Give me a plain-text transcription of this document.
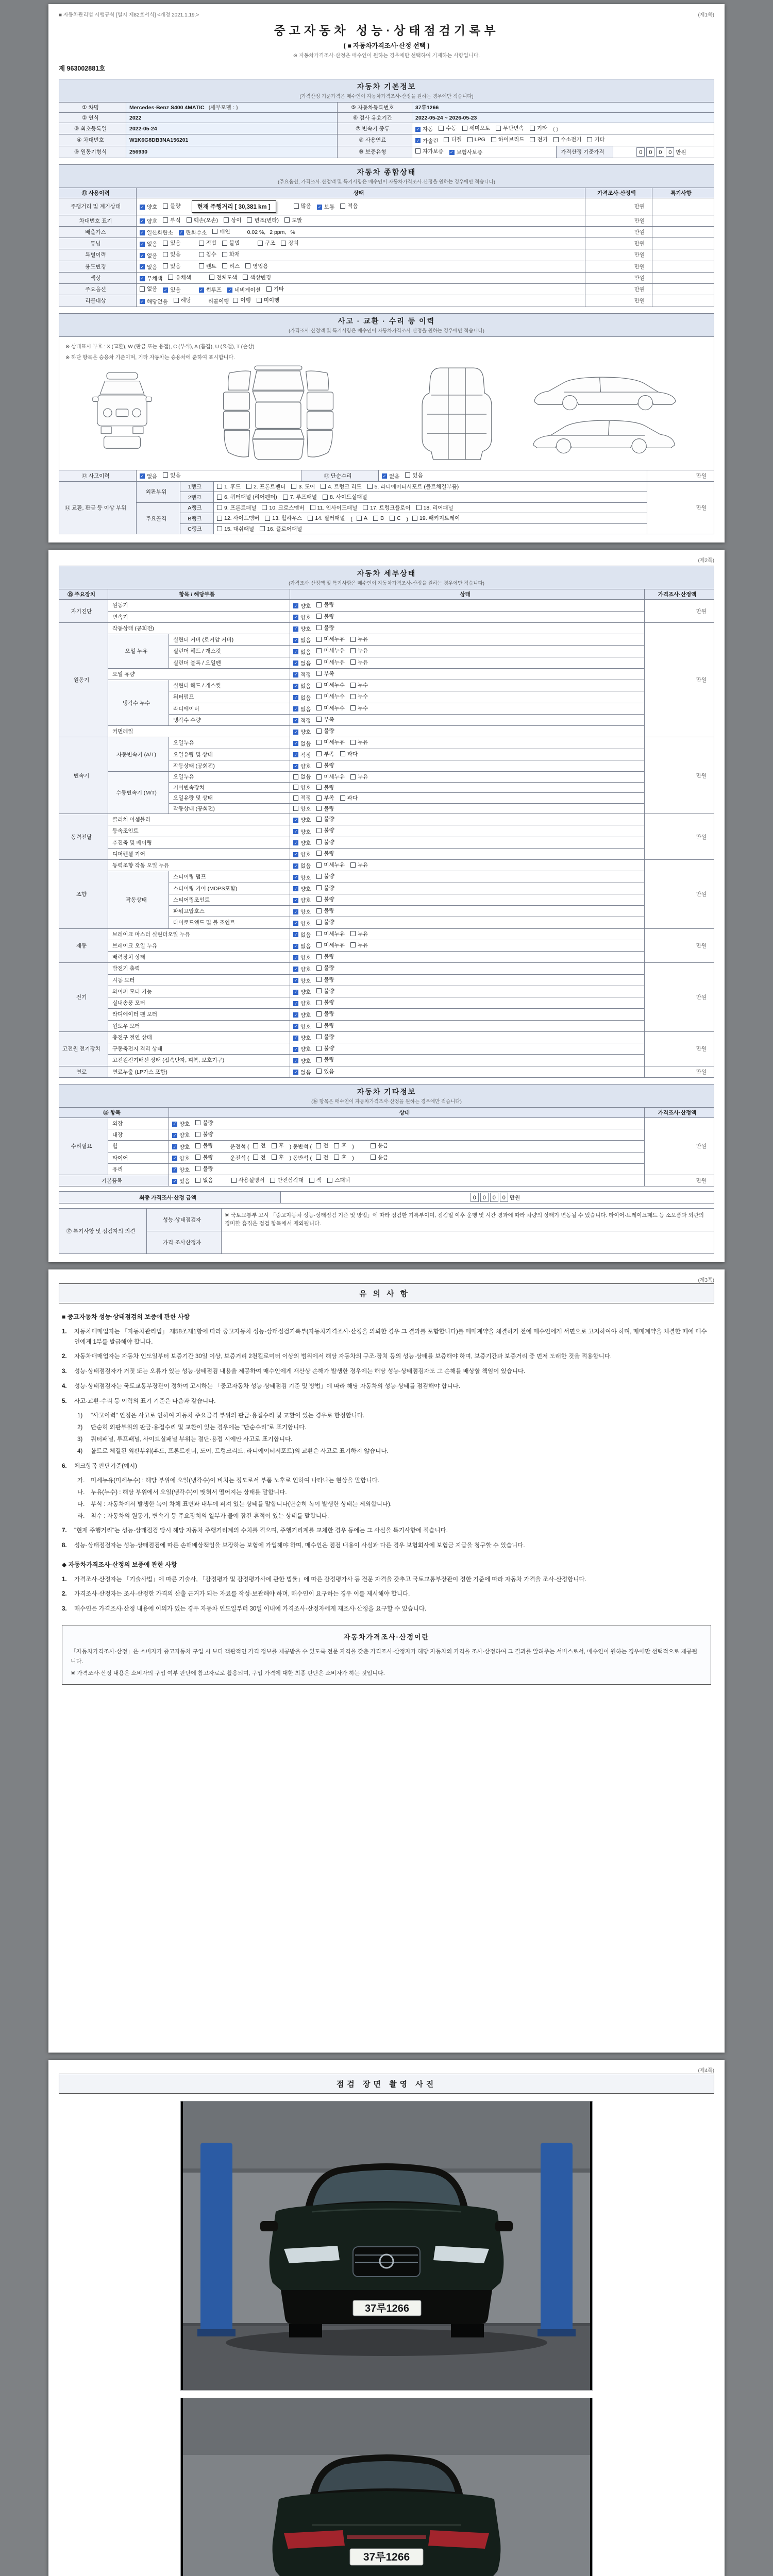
■ 자동차관리법 시행규칙 [별지 제82호서식] <개정 2021.1.19.>	(제1쪽)
중고자동차 성능·상태점검기록부
( ■ 자동차가격조사·산정 선택 )
※ 자동차가격조사·산정은 매수인이 원하는 경우에만 선택하여 기재하는 사항입니다.
제 963002881호
자동차 기본정보
(가격산정 기준가격은 매수인이 자동차가격조사·산정을 원하는 경우에만 적습니다)
① 차명	Mercedes-Benz S400 4MATIC (세부모델 : )	⑤ 자동차등록번호	37루1266		
② 연식	2022	⑥ 검사 유효기간	2022-05-24 ~ 2026-05-23		
③ 최초등록일	2022-05-24	⑦ 변속기 종류	✓ 자동 수동 세미오토 무단변속 기타 ( )
④ 차대번호	W1K6G8DB3NA156201	⑧ 사용연료	✓ 가솔린 디젤 LPG 하이브리드 전기 수소전기 기타

⑨ 원동기형식	256930	⑩ 보증유형	자가보증 ✓ 보험사보증	가격산정 기준가격	0 0 0 0 만원
자동차 종합상태
(주요옵션, 가격조사·산정액 및 특기사항은 매수인이 자동차가격조사·산정을 원하는 경우에만 적습니다)
⑪ 사용이력	상태	가격조사·산정액	특기사항
주행거리 및 계기상태	✓ 양호 불량	현재 주행거리 [ 30,381 km ]	많음 ✓ 보통 적음	만원	
차대번호 표기	✓ 양호 부식 훼손(오손) 상이 변조(변타) 도말	만원	
배출가스	✓ 일산화탄소 ✓ 탄화수소 매연	0.02 %, 2 ppm, %	만원	
튜닝	✓ 없음 있음	적법 불법	구조 장치	만원	
특별이력	✓ 없음 있음 침수 화재	만원	
용도변경	✓ 없음 있음	렌트 리스 영업용	만원	
색상	✓ 무채색 유채색 전체도색 색상변경	만원	
주요옵션	없음 ✓ 있음	✓ 썬루프 ✓ 네비게이션 기타	만원	
리콜대상	✓ 해당없음 해당	리콜이행 이행 미이행	만원	
사고 · 교환 · 수리 등 이력
(가격조사·산정액 및 특기사항은 매수인이 자동차가격조사·산정을 원하는 경우에만 적습니다)
※ 상태표시 부호 : X (교환), W (판금 또는 용접), C (부식), A (흠집), U (요철), T (손상)
※ 하단 항목은 승용차 기준이며, 기타 자동차는 승용차에 준하여 표시합니다.
⑫ 사고이력	✓ 없음 있음	⑬ 단순수리	✓ 없음 있음	만원
⑭ 교환, 판금 등 이상 부위	외판부위	1랭크	1. 후드 2. 프론트펜더 3. 도어 4. 트렁크 리드 5. 라디에이터서포트 (볼트체결부품)	만원
		2랭크	6. 쿼터패널 (리어펜더) 7. 루프패널 8. 사이드실패널	

	주요골격	A랭크	9. 프론트패널 10. 크로스멤버 11. 인사이드패널 17. 트렁크플로어 18. 리어패널	

B랭크	12. 사이드멤버 13. 휠하우스 14. 필러패널 ( A B C ) 19. 패키지트레이

		C랭크	15. 대쉬패널 16. 플로어패널	
(제2쪽)
자동차 세부상태
(가격조사·산정액 및 특기사항은 매수인이 자동차가격조사·산정을 원하는 경우에만 적습니다)
⑮ 주요장치	항목 / 해당부품		상태	가격조사·산정액
자기진단	원동기		✓ 양호 불량	만원
	변속기		✓ 양호 불량	

원동기	작동상태 (공회전)		✓ 양호 불량	만원
	오일 누유	실린더 커버 (로커암 커버)	✓ 없음 미세누유 누유	

		실린더 헤드 / 개스킷	✓ 없음 미세누유 누유	

		실린더 블록 / 오일팬	✓ 없음 미세누유 누유	

	오일 유량		✓ 적정 부족	

	냉각수 누수	실린더 헤드 / 개스킷	✓ 없음 미세누수 누수	

		워터펌프	✓ 없음 미세누수 누수	

		라디에이터	✓ 없음 미세누수 누수	

		냉각수 수량	✓ 적정 부족	

	커먼레일		✓ 양호 불량	

변속기	자동변속기 (A/T)	오일누유	✓ 없음 미세누유 누유	만원
		오일유량 및 상태	✓ 적정 부족 과다	

		작동상태 (공회전)	✓ 양호 불량	

	수동변속기 (M/T)	오일누유	없음 미세누유 누유	

		기어변속장치	양호 불량	

		오일유량 및 상태	적정 부족 과다	

		작동상태 (공회전)	양호 불량	

동력전달	클러치 어셈블리		✓ 양호 불량	만원
	등속조인트		✓ 양호 불량	

	추진축 및 베어링		✓ 양호 불량	

	디퍼렌셜 기어		✓ 양호 불량	

조향	동력조향 작동 오일 누유		✓ 없음 미세누유 누유	만원
	작동상태	스티어링 펌프	✓ 양호 불량	

		스티어링 기어 (MDPS포함)	✓ 양호 불량	

		스티어링조인트	✓ 양호 불량	

		파워고압호스	✓ 양호 불량	

		타이로드엔드 및 볼 조인트	✓ 양호 불량	

제동	브레이크 마스터 실린더오일 누유		✓ 없음 미세누유 누유	만원
	브레이크 오일 누유		✓ 없음 미세누유 누유	

	배력장치 상태		✓ 양호 불량	

전기	발전기 출력		✓ 양호 불량	만원
	시동 모터		✓ 양호 불량	

	와이퍼 모터 기능		✓ 양호 불량	

	실내송풍 모터		✓ 양호 불량	

	라디에이터 팬 모터		✓ 양호 불량	

	윈도우 모터		✓ 양호 불량	

고전원 전기장치	충전구 절연 상태		✓ 양호 불량	만원
	구동축전지 격리 상태		✓ 양호 불량	

	고전원전기배선 상태 (접속단자, 피복, 보호기구)		✓ 양호 불량	

연료	연료누출 (LP가스 포함)		✓ 없음 있음	만원
자동차 기타정보
(⑯ 항목은 매수인이 자동차가격조사·산정을 원하는 경우에만 적습니다)
⑯ 항목		상태	가격조사·산정액
수리필요	외장	✓ 양호 불량	만원
	내장	✓ 양호 불량	

휠	✓ 양호 불량	운전석 ( 전 후 ) 동반석 ( 전 후 )	응급

타이어	✓ 양호 불량	운전석 ( 전 후 ) 동반석 ( 전 후 )	응급

	유리	✓ 양호 불량	

기본품목	✓ 있음 없음	사용설명서 안전삼각대 잭 스패너	만원
최종 가격조사·산정 금액	0 0 0 0 만원
⑰ 특기사항 및 점검자의 의견	성능·상태점검자	※ 국토교통부 고시 「중고자동차 성능·상태점검 기준 및 방법」에 따라 점검한 기록부이며, 점검일 이후 운행 및 시간 경과에 따라 차량의 상태가 변동될 수 있습니다. 타이어·브레이크패드 등 소모품과 외관의 경미한 흠집은 점검 항목에서 제외됩니다.
	가격·조사산정자	
(제3쪽)
유의사항
■ 중고자동차 성능·상태점검의 보증에 관한 사항
1.	자동차매매업자는 「자동차관리법」 제58조제1항에 따라 중고자동차 성능·상태점검기록부(자동차가격조사·산정을 의뢰한 경우 그 결과를 포함합니다)를 매매계약을 체결하기 전에 매수인에게 서면으로 고지하여야 하며, 매매계약을 체결한 때에 매수인에게 1부를 발급해야 합니다.
2.	자동차매매업자는 자동차 인도일부터 보증기간 30일 이상, 보증거리 2천킬로미터 이상의 범위에서 해당 자동차의 구조·장치 등의 성능·상태를 보증해야 하며, 보증기간과 보증거리 중 먼저 도래한 것을 적용합니다.
3.	성능·상태점검자가 거짓 또는 오류가 있는 성능·상태점검 내용을 제공하여 매수인에게 재산상 손해가 발생한 경우에는 해당 성능·상태점검자도 그 손해를 배상할 책임이 있습니다.
4.	성능·상태점검자는 국토교통부장관이 정하여 고시하는 「중고자동차 성능·상태점검 기준 및 방법」에 따라 해당 자동차의 성능·상태를 점검해야 합니다.
5.	사고·교환·수리 등 이력의 표기 기준은 다음과 같습니다.
1)	"사고이력" 인정은 사고로 인하여 자동차 주요골격 부위의 판금·용접수리 및 교환이 있는 경우로 한정합니다.
2)	단순히 외판부위의 판금·용접수리 및 교환이 있는 경우에는 "단순수리"로 표기합니다.
3)	쿼터패널, 루프패널, 사이드실패널 부위는 절단·용접 시에만 사고로 표기합니다.
4)	볼트로 체결된 외판부위(후드, 프론트펜더, 도어, 트렁크리드, 라디에이터서포트)의 교환은 사고로 표기하지 않습니다.
6.	체크항목 판단기준(예시)
가.	미세누유(미세누수) : 해당 부위에 오일(냉각수)이 비치는 정도로서 부품 노후로 인하여 나타나는 현상을 말합니다.
나.	누유(누수) : 해당 부위에서 오일(냉각수)이 맺혀서 떨어지는 상태를 말합니다.
다.	부식 : 자동차에서 발생한 녹이 차체 표면과 내부에 퍼져 있는 상태를 말합니다(단순히 녹이 발생한 상태는 제외합니다).
라.	침수 : 자동차의 원동기, 변속기 등 주요장치의 일부가 물에 잠긴 흔적이 있는 상태를 말합니다.
7.	"현재 주행거리"는 성능·상태점검 당시 해당 자동차 주행거리계의 수치를 적으며, 주행거리계를 교체한 경우 등에는 그 사실을 특기사항에 적습니다.
8.	성능·상태점검자는 성능·상태점검에 따른 손해배상책임을 보장하는 보험에 가입해야 하며, 매수인은 점검 내용이 사실과 다른 경우 보험회사에 보험금 지급을 청구할 수 있습니다.
◆ 자동차가격조사·산정의 보증에 관한 사항
1.	가격조사·산정자는 「기술사법」에 따른 기술사, 「감정평가 및 감정평가사에 관한 법률」에 따른 감정평가사 등 전문 자격을 갖추고 국토교통부장관이 정한 기준에 따라 자동차 가격을 조사·산정합니다.
2.	가격조사·산정자는 조사·산정한 가격의 산출 근거가 되는 자료를 작성·보관해야 하며, 매수인이 요구하는 경우 이를 제시해야 합니다.
3.	매수인은 가격조사·산정 내용에 이의가 있는 경우 자동차 인도일부터 30일 이내에 가격조사·산정자에게 재조사·산정을 요구할 수 있습니다.
자동차가격조사·산정이란
「자동차가격조사·산정」은 소비자가 중고자동차 구입 시 보다 객관적인 가격 정보를 제공받을 수 있도록 전문 자격을 갖춘 가격조사·산정자가 해당 자동차의 가격을 조사·산정하여 그 결과를 알려주는 서비스로서, 매수인이 원하는 경우에만 선택적으로 제공됩니다.
※ 가격조사·산정 내용은 소비자의 구입 여부 판단에 참고자료로 활용되며, 구입 가격에 대한 최종 판단은 소비자가 하는 것입니다.
(제4쪽)
점검 장면 촬영 사진
37루1266
37루1266
